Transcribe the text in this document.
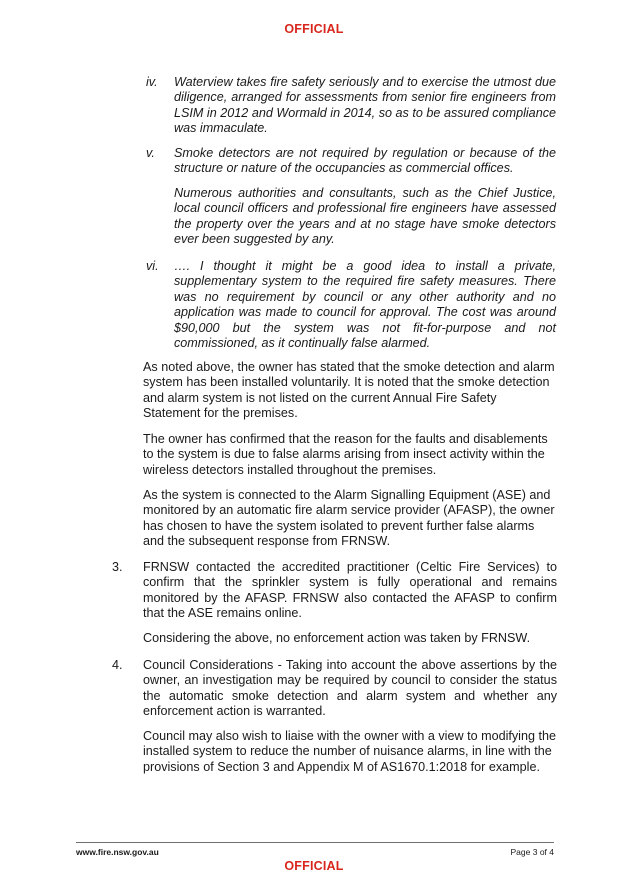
OFFICIAL
iv. Waterview takes fire safety seriously and to exercise the utmost due diligence, arranged for assessments from senior fire engineers from LSIM in 2012 and Wormald in 2014, so as to be assured compliance was immaculate.

v. Smoke detectors are not required by regulation or because of the structure or nature of the occupancies as commercial offices.

Numerous authorities and consultants, such as the Chief Justice, local council officers and professional fire engineers have assessed the property over the years and at no stage have smoke detectors ever been suggested by any.

vi. …. I thought it might be a good idea to install a private, supplementary system to the required fire safety measures. There was no requirement by council or any other authority and no application was made to council for approval. The cost was around $90,000 but the system was not fit-for-purpose and not commissioned, as it continually false alarmed.

As noted above, the owner has stated that the smoke detection and alarm system has been installed voluntarily. It is noted that the smoke detection and alarm system is not listed on the current Annual Fire Safety Statement for the premises.

The owner has confirmed that the reason for the faults and disablements to the system is due to false alarms arising from insect activity within the wireless detectors installed throughout the premises.

As the system is connected to the Alarm Signalling Equipment (ASE) and monitored by an automatic fire alarm service provider (AFASP), the owner has chosen to have the system isolated to prevent further false alarms and the subsequent response from FRNSW.

3. FRNSW contacted the accredited practitioner (Celtic Fire Services) to confirm that the sprinkler system is fully operational and remains monitored by the AFASP. FRNSW also contacted the AFASP to confirm that the ASE remains online.

Considering the above, no enforcement action was taken by FRNSW.

4. Council Considerations - Taking into account the above assertions by the owner, an investigation may be required by council to consider the status the automatic smoke detection and alarm system and whether any enforcement action is warranted.

Council may also wish to liaise with the owner with a view to modifying the installed system to reduce the number of nuisance alarms, in line with the provisions of Section 3 and Appendix M of AS1670.1:2018 for example.

www.fire.nsw.gov.au	Page 3 of 4
OFFICIAL
